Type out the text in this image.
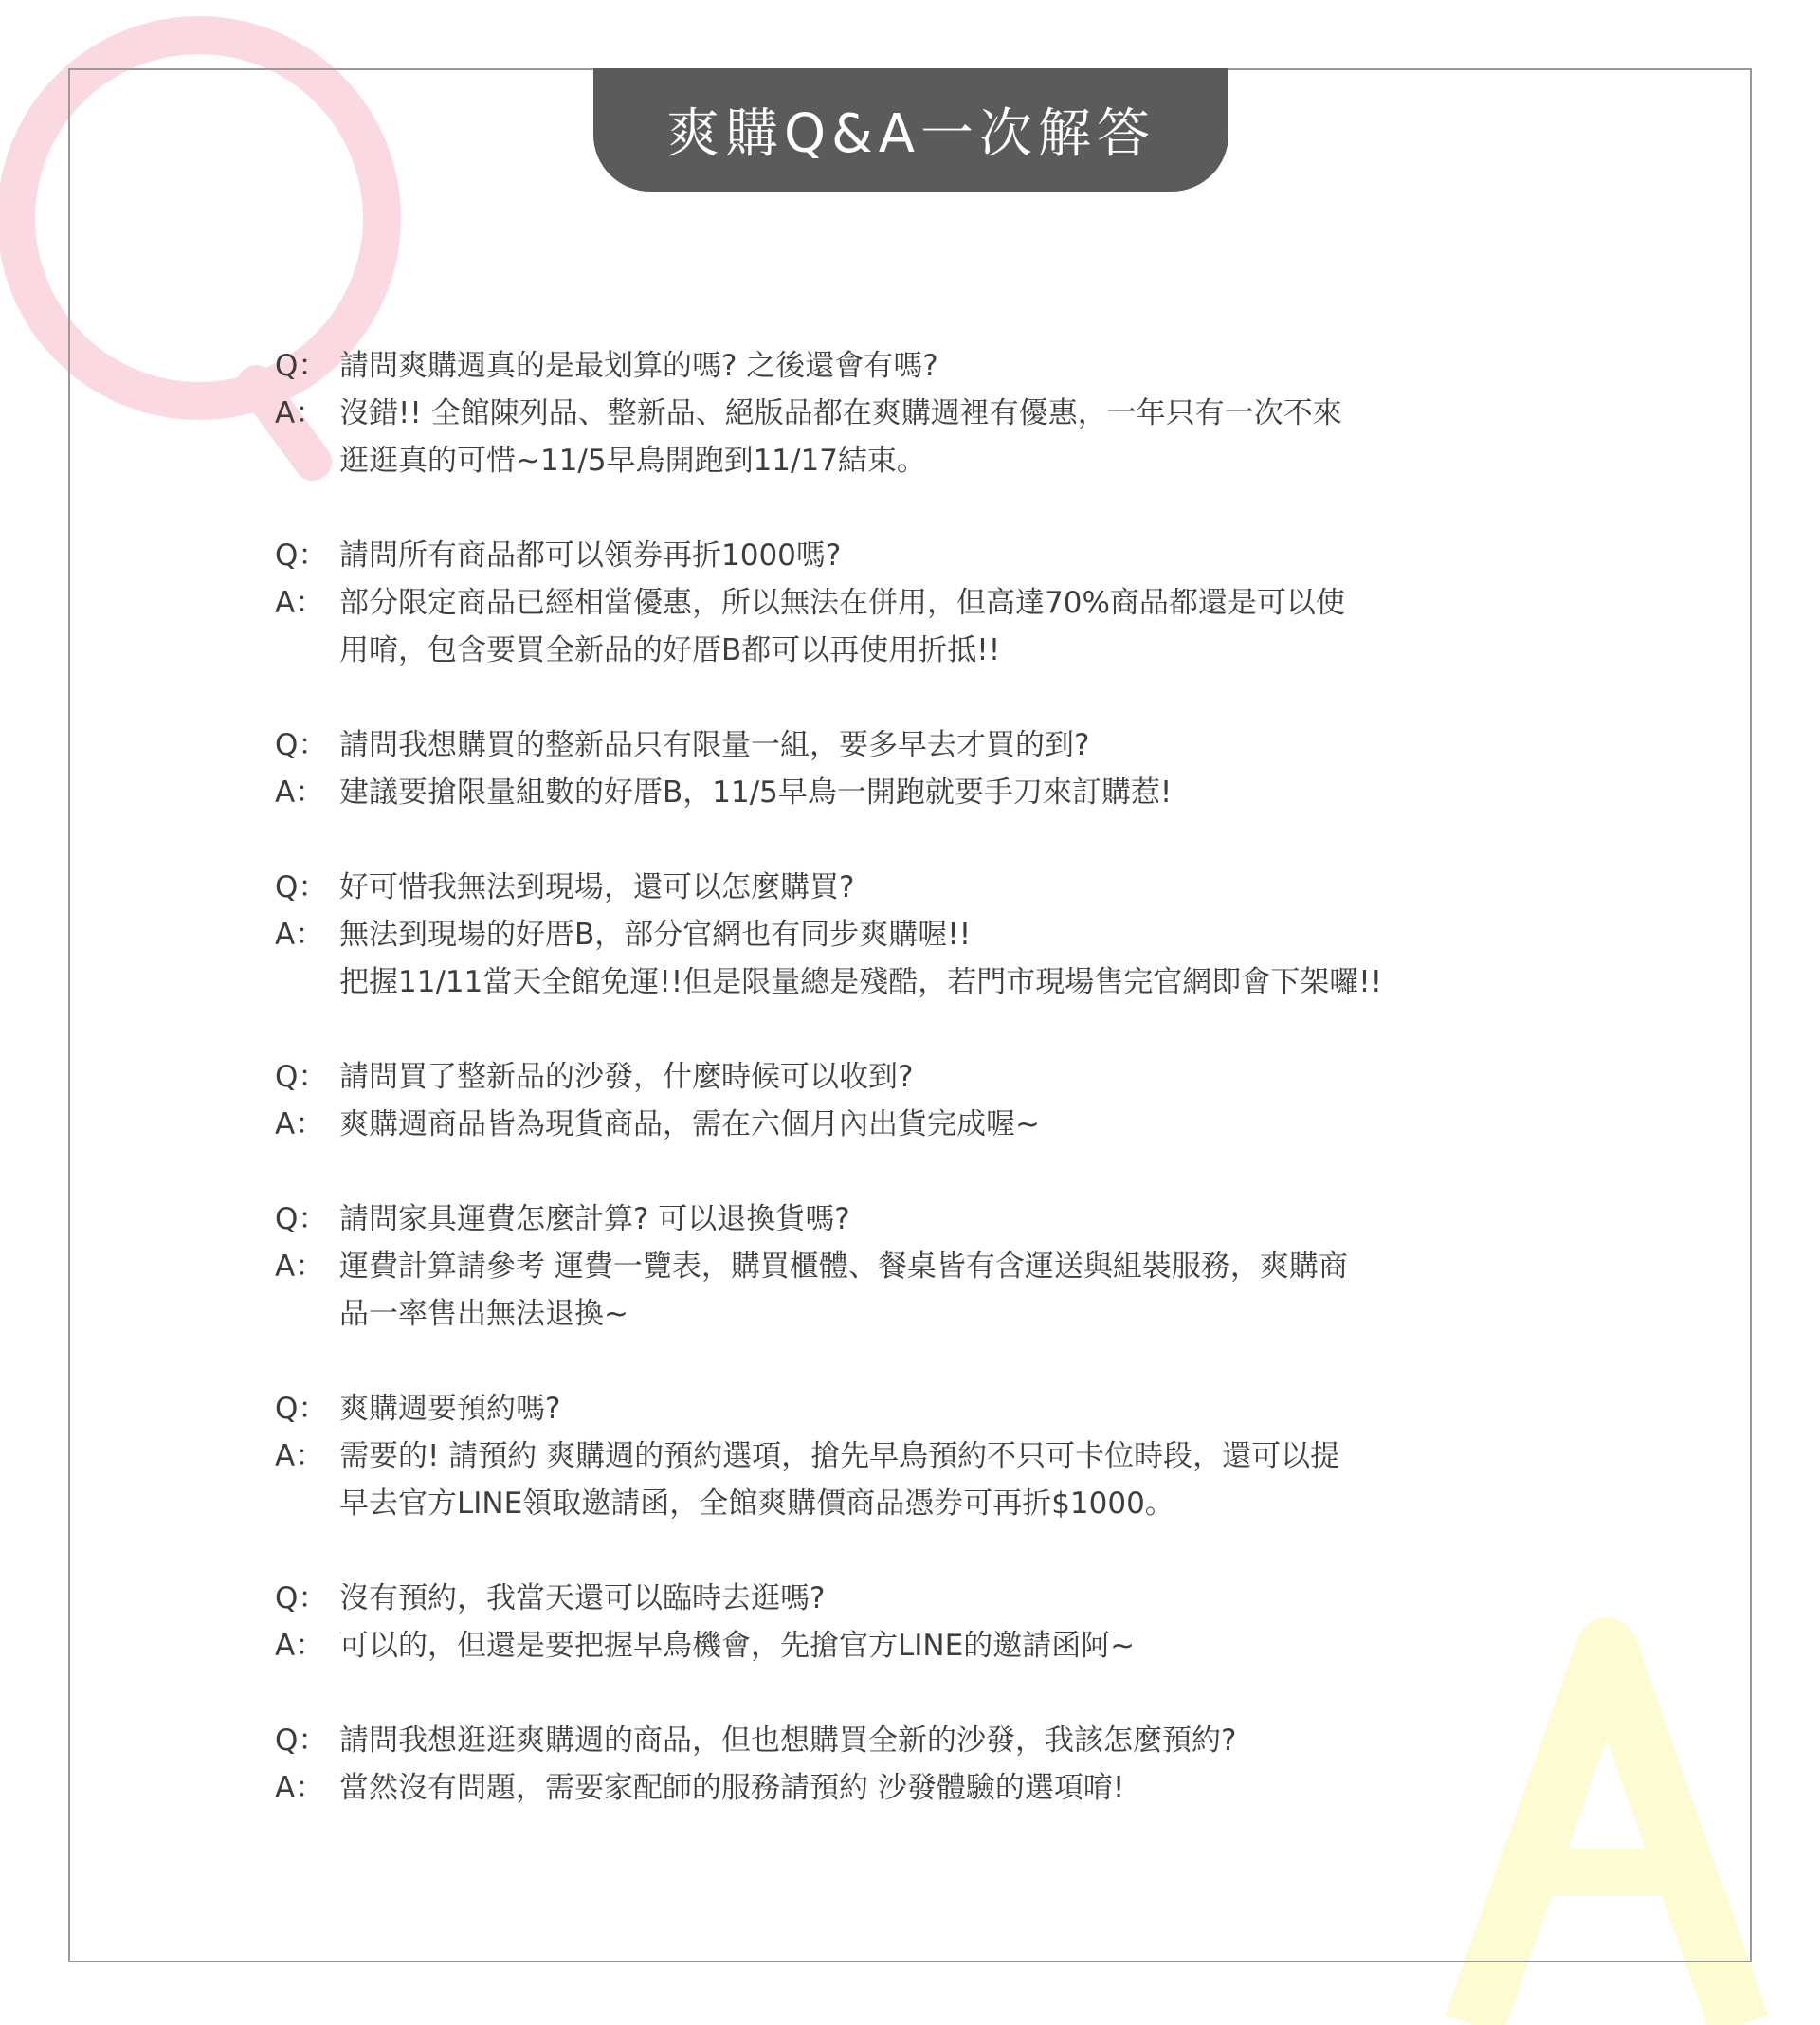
爽購Q&A一次解答
Q： 請問爽購週真的是最划算的嗎? 之後還會有嗎?
A： 沒錯!! 全館陳列品、整新品、絕版品都在爽購週裡有優惠，一年只有一次不來
逛逛真的可惜~11/5早鳥開跑到11/17結束。
Q： 請問所有商品都可以領券再折1000嗎?
A： 部分限定商品已經相當優惠，所以無法在併用，但高達70%商品都還是可以使
用唷，包含要買全新品的好厝B都可以再使用折抵!!
Q： 請問我想購買的整新品只有限量一組，要多早去才買的到?
A： 建議要搶限量組數的好厝B，11/5早鳥一開跑就要手刀來訂購惹!
Q： 好可惜我無法到現場，還可以怎麼購買?
A： 無法到現場的好厝B，部分官網也有同步爽購喔!!
把握11/11當天全館免運!!但是限量總是殘酷，若門市現場售完官網即會下架囉!!
Q： 請問買了整新品的沙發，什麼時候可以收到?
A： 爽購週商品皆為現貨商品，需在六個月內出貨完成喔~
Q： 請問家具運費怎麼計算? 可以退換貨嗎?
A： 運費計算請參考 運費一覽表，購買櫃體、餐桌皆有含運送與組裝服務，爽購商
品一率售出無法退換~
Q： 爽購週要預約嗎?
A： 需要的! 請預約 爽購週的預約選項，搶先早鳥預約不只可卡位時段，還可以提
早去官方LINE領取邀請函，全館爽購價商品憑券可再折$1000。
Q： 沒有預約，我當天還可以臨時去逛嗎?
A： 可以的，但還是要把握早鳥機會，先搶官方LINE的邀請函阿~
Q： 請問我想逛逛爽購週的商品，但也想購買全新的沙發，我該怎麼預約?
A： 當然沒有問題，需要家配師的服務請預約 沙發體驗的選項唷!
